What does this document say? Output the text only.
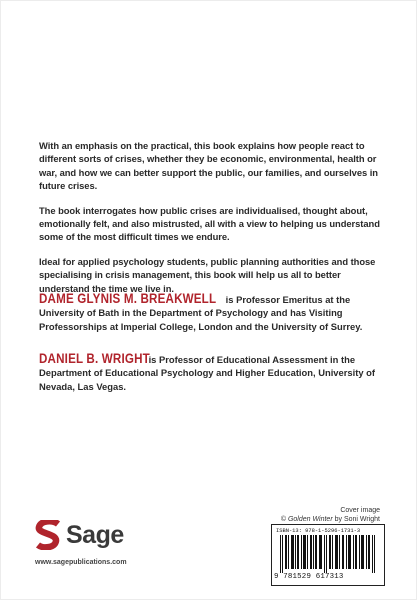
With an emphasis on the practical, this book explains how people react to different sorts of crises, whether they be economic, environmental, health or war, and how we can better support the public, our families, and ourselves in future crises.

The book interrogates how public crises are individualised, thought about, emotionally felt, and also mistrusted, all with a view to helping us understand some of the most difficult times we endure.

Ideal for applied psychology students, public planning authorities and those specialising in crisis management, this book will help us all to better understand the time we live in.

DAME GLYNIS M. BREAKWELL is Professor Emeritus at the University of Bath in the Department of Psychology and has Visiting Professorships at Imperial College, London and the University of Surrey.
DANIEL B. WRIGHT is Professor of Educational Assessment in the Department of Educational Psychology and Higher Education, University of Nevada, Las Vegas.
Cover image
© Golden Winter by Soni Wright
Sage
www.sagepublications.com
ISBN-13: 978-1-5296-1731-3
9 781529 617313
